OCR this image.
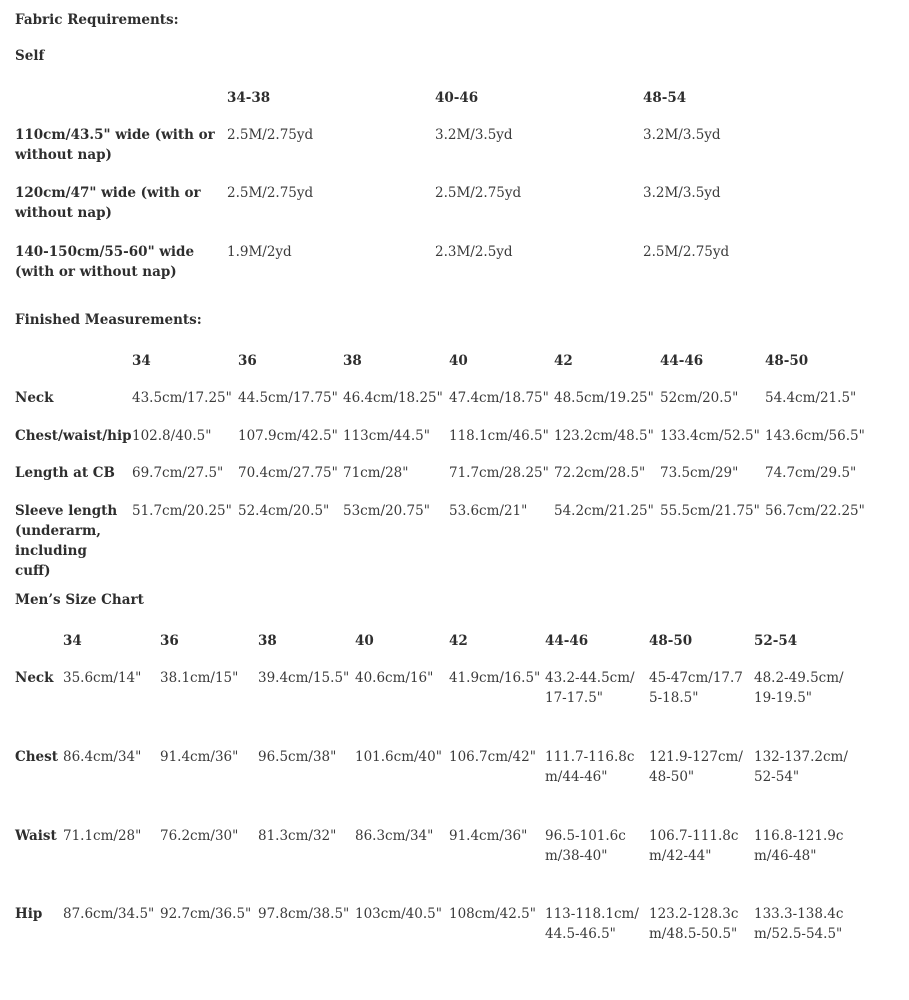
Fabric Requirements:
Self
34-38	40-46	48-54
110cm/43.5" wide (with or without nap)
2.5M/2.75yd	3.2M/3.5yd	3.2M/3.5yd
120cm/47" wide (with or without nap)
2.5M/2.75yd	2.5M/2.75yd	3.2M/3.5yd
140-150cm/55-60" wide (with or without nap)
1.9M/2yd	2.3M/2.5yd	2.5M/2.75yd
Finished Measurements:
34	36	38	40	42	44-46	48-50
Neck	43.5cm/17.25" 44.5cm/17.75" 46.4cm/18.25" 47.4cm/18.75" 48.5cm/19.25" 52cm/20.5"	54.4cm/21.5"
Chest/waist/hip 102.8/40.5"	107.9cm/42.5" 113cm/44.5"	118.1cm/46.5" 123.2cm/48.5" 133.4cm/52.5" 143.6cm/56.5"
Length at CB	69.7cm/27.5"	70.4cm/27.75" 71cm/28"	71.7cm/28.25" 72.2cm/28.5"	73.5cm/29"	74.7cm/29.5"
Sleeve length (underarm, including cuff)
51.7cm/20.25" 52.4cm/20.5"	53cm/20.75"	53.6cm/21"	54.2cm/21.25" 55.5cm/21.75" 56.7cm/22.25"
Men’s Size Chart
34	36	38	40	42	44-46	48-50	52-54
Neck 35.6cm/14"	38.1cm/15"	39.4cm/15.5" 40.6cm/16"	41.9cm/16.5" 43.2-44.5cm/17-17.5"
45-47cm/17.75-18.5"
48.2-49.5cm/19-19.5"
Chest 86.4cm/34"	91.4cm/36"	96.5cm/38"	101.6cm/40" 106.7cm/42" 111.7-116.8cm/44-46"
121.9-127cm/48-50"
132-137.2cm/52-54"
Waist 71.1cm/28"	76.2cm/30"	81.3cm/32"	86.3cm/34"	91.4cm/36"	96.5-101.6cm/38-40"
106.7-111.8cm/42-44"
116.8-121.9cm/46-48"
Hip 87.6cm/34.5" 92.7cm/36.5" 97.8cm/38.5" 103cm/40.5" 108cm/42.5" 113-118.1cm/44.5-46.5"
123.2-128.3cm/48.5-50.5"
133.3-138.4cm/52.5-54.5"
